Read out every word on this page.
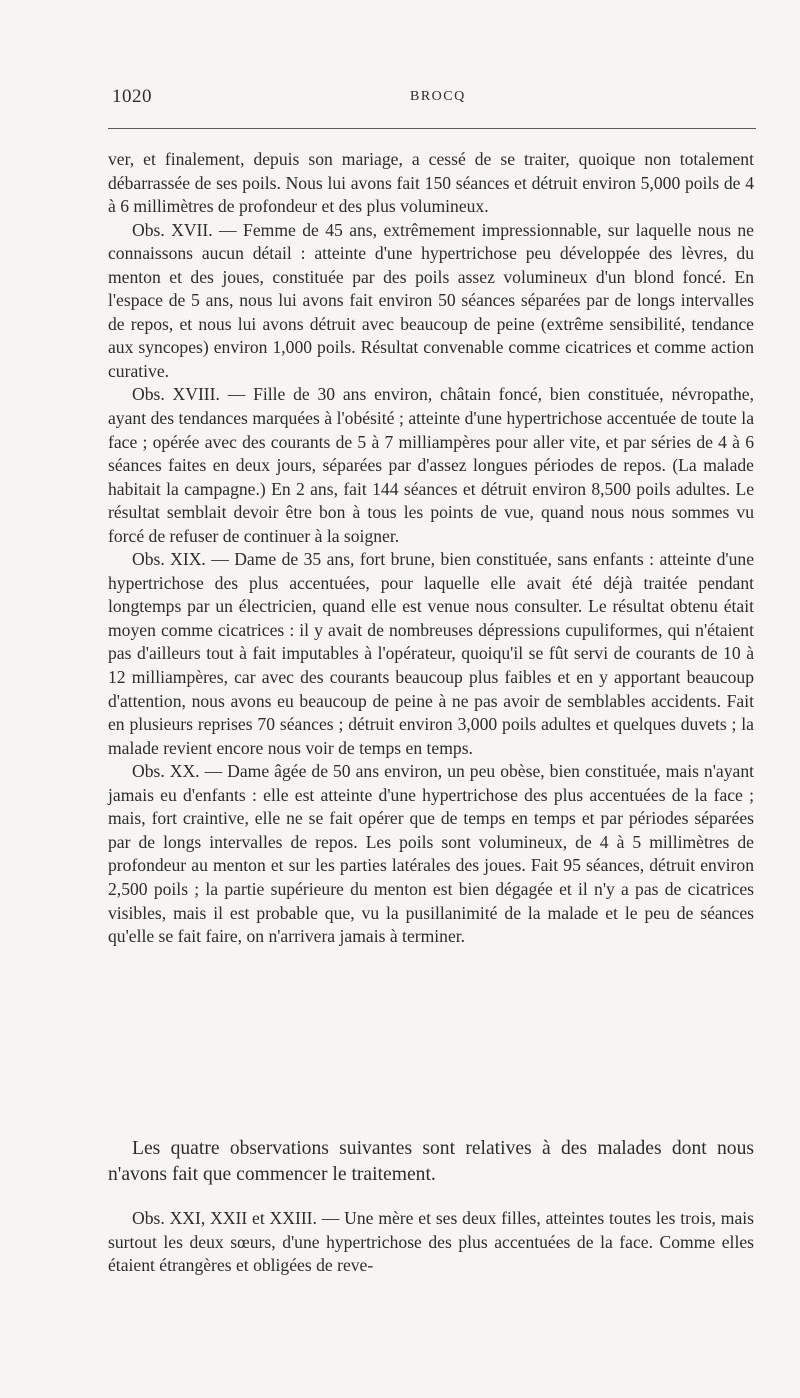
1020	BROCQ

ver, et finalement, depuis son mariage, a cessé de se traiter, quoique non totalement débarrassée de ses poils. Nous lui avons fait 150 séances et détruit environ 5,000 poils de 4 à 6 millimètres de profondeur et des plus volumineux.

Obs. XVII. — Femme de 45 ans, extrêmement impressionnable, sur laquelle nous ne connaissons aucun détail : atteinte d'une hypertrichose peu développée des lèvres, du menton et des joues, constituée par des poils assez volumineux d'un blond foncé. En l'espace de 5 ans, nous lui avons fait environ 50 séances séparées par de longs intervalles de repos, et nous lui avons détruit avec beaucoup de peine (extrême sensibilité, tendance aux syncopes) environ 1,000 poils. Résultat convenable comme cicatrices et comme action curative.

Obs. XVIII. — Fille de 30 ans environ, châtain foncé, bien constituée, névropathe, ayant des tendances marquées à l'obésité ; atteinte d'une hypertrichose accentuée de toute la face ; opérée avec des courants de 5 à 7 milliampères pour aller vite, et par séries de 4 à 6 séances faites en deux jours, séparées par d'assez longues périodes de repos. (La malade habitait la campagne.) En 2 ans, fait 144 séances et détruit environ 8,500 poils adultes. Le résultat semblait devoir être bon à tous les points de vue, quand nous nous sommes vu forcé de refuser de continuer à la soigner.

Obs. XIX. — Dame de 35 ans, fort brune, bien constituée, sans enfants : atteinte d'une hypertrichose des plus accentuées, pour laquelle elle avait été déjà traitée pendant longtemps par un électricien, quand elle est venue nous consulter. Le résultat obtenu était moyen comme cicatrices : il y avait de nombreuses dépressions cupuliformes, qui n'étaient pas d'ailleurs tout à fait imputables à l'opérateur, quoiqu'il se fût servi de courants de 10 à 12 milliampères, car avec des courants beaucoup plus faibles et en y apportant beaucoup d'attention, nous avons eu beaucoup de peine à ne pas avoir de semblables accidents. Fait en plusieurs reprises 70 séances ; détruit environ 3,000 poils adultes et quelques duvets ; la malade revient encore nous voir de temps en temps.

Obs. XX. — Dame âgée de 50 ans environ, un peu obèse, bien constituée, mais n'ayant jamais eu d'enfants : elle est atteinte d'une hypertrichose des plus accentuées de la face ; mais, fort craintive, elle ne se fait opérer que de temps en temps et par périodes séparées par de longs intervalles de repos. Les poils sont volumineux, de 4 à 5 millimètres de profondeur au menton et sur les parties latérales des joues. Fait 95 séances, détruit environ 2,500 poils ; la partie supérieure du menton est bien dégagée et il n'y a pas de cicatrices visibles, mais il est probable que, vu la pusillanimité de la malade et le peu de séances qu'elle se fait faire, on n'arrivera jamais à terminer.

Les quatre observations suivantes sont relatives à des malades dont nous n'avons fait que commencer le traitement.

Obs. XXI, XXII et XXIII. — Une mère et ses deux filles, atteintes toutes les trois, mais surtout les deux sœurs, d'une hypertrichose des plus accentuées de la face. Comme elles étaient étrangères et obligées de reve-
